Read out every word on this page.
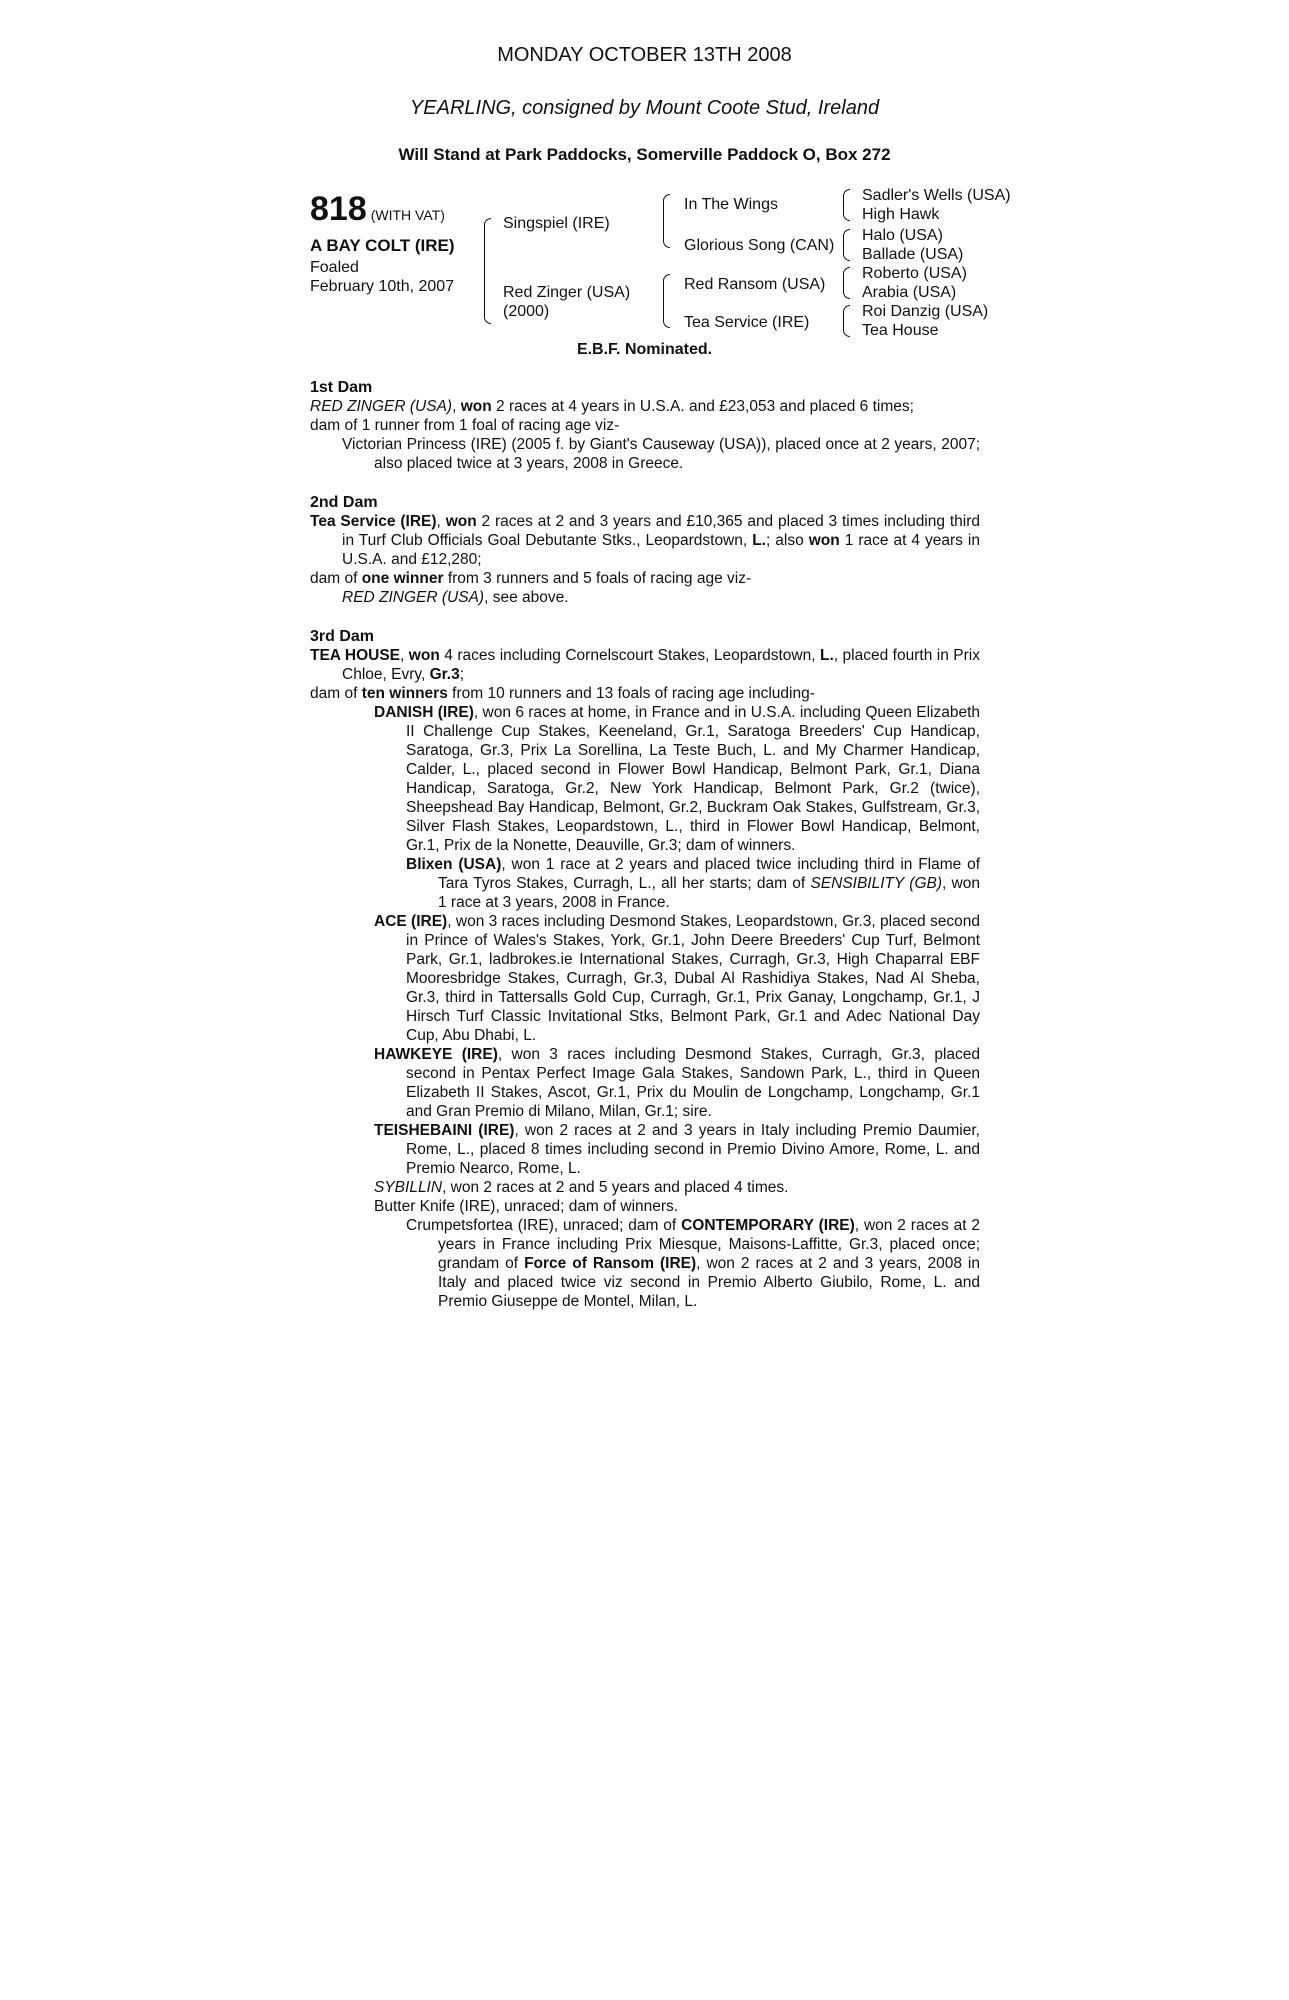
MONDAY OCTOBER 13TH 2008
YEARLING, consigned by Mount Coote Stud, Ireland
Will Stand at Park Paddocks, Somerville Paddock O, Box 272
818 (WITH VAT)
A BAY COLT (IRE)
Foaled
February 10th, 2007
Singspiel (IRE)
Red Zinger (USA)
(2000)
In The Wings
Glorious Song (CAN)
Red Ransom (USA)
Tea Service (IRE)
Sadler's Wells (USA)
High Hawk
Halo (USA)
Ballade (USA)
Roberto (USA)
Arabia (USA)
Roi Danzig (USA)
Tea House
E.B.F. Nominated.
1st Dam
RED ZINGER (USA), won 2 races at 4 years in U.S.A. and £23,053 and placed 6 times;
dam of 1 runner from 1 foal of racing age viz-
Victorian Princess (IRE) (2005 f. by Giant's Causeway (USA)), placed once at 2 years, 2007; also placed twice at 3 years, 2008 in Greece.
2nd Dam
Tea Service (IRE), won 2 races at 2 and 3 years and £10,365 and placed 3 times including third in Turf Club Officials Goal Debutante Stks., Leopardstown, L.; also won 1 race at 4 years in U.S.A. and £12,280;
dam of one winner from 3 runners and 5 foals of racing age viz-
RED ZINGER (USA), see above.
3rd Dam
TEA HOUSE, won 4 races including Cornelscourt Stakes, Leopardstown, L., placed fourth in Prix Chloe, Evry, Gr.3;
dam of ten winners from 10 runners and 13 foals of racing age including-
DANISH (IRE), won 6 races at home, in France and in U.S.A. including Queen Elizabeth II Challenge Cup Stakes, Keeneland, Gr.1, Saratoga Breeders' Cup Handicap, Saratoga, Gr.3, Prix La Sorellina, La Teste Buch, L. and My Charmer Handicap, Calder, L., placed second in Flower Bowl Handicap, Belmont Park, Gr.1, Diana Handicap, Saratoga, Gr.2, New York Handicap, Belmont Park, Gr.2 (twice), Sheepshead Bay Handicap, Belmont, Gr.2, Buckram Oak Stakes, Gulfstream, Gr.3, Silver Flash Stakes, Leopardstown, L., third in Flower Bowl Handicap, Belmont, Gr.1, Prix de la Nonette, Deauville, Gr.3; dam of winners.
Blixen (USA), won 1 race at 2 years and placed twice including third in Flame of Tara Tyros Stakes, Curragh, L., all her starts; dam of SENSIBILITY (GB), won 1 race at 3 years, 2008 in France.
ACE (IRE), won 3 races including Desmond Stakes, Leopardstown, Gr.3, placed second in Prince of Wales's Stakes, York, Gr.1, John Deere Breeders' Cup Turf, Belmont Park, Gr.1, ladbrokes.ie International Stakes, Curragh, Gr.3, High Chaparral EBF Mooresbridge Stakes, Curragh, Gr.3, Dubal Al Rashidiya Stakes, Nad Al Sheba, Gr.3, third in Tattersalls Gold Cup, Curragh, Gr.1, Prix Ganay, Longchamp, Gr.1, J Hirsch Turf Classic Invitational Stks, Belmont Park, Gr.1 and Adec National Day Cup, Abu Dhabi, L.
HAWKEYE (IRE), won 3 races including Desmond Stakes, Curragh, Gr.3, placed second in Pentax Perfect Image Gala Stakes, Sandown Park, L., third in Queen Elizabeth II Stakes, Ascot, Gr.1, Prix du Moulin de Longchamp, Longchamp, Gr.1 and Gran Premio di Milano, Milan, Gr.1; sire.
TEISHEBAINI (IRE), won 2 races at 2 and 3 years in Italy including Premio Daumier, Rome, L., placed 8 times including second in Premio Divino Amore, Rome, L. and Premio Nearco, Rome, L.
SYBILLIN, won 2 races at 2 and 5 years and placed 4 times.
Butter Knife (IRE), unraced; dam of winners.
Crumpetsfortea (IRE), unraced; dam of CONTEMPORARY (IRE), won 2 races at 2 years in France including Prix Miesque, Maisons-Laffitte, Gr.3, placed once; grandam of Force of Ransom (IRE), won 2 races at 2 and 3 years, 2008 in Italy and placed twice viz second in Premio Alberto Giubilo, Rome, L. and Premio Giuseppe de Montel, Milan, L.
